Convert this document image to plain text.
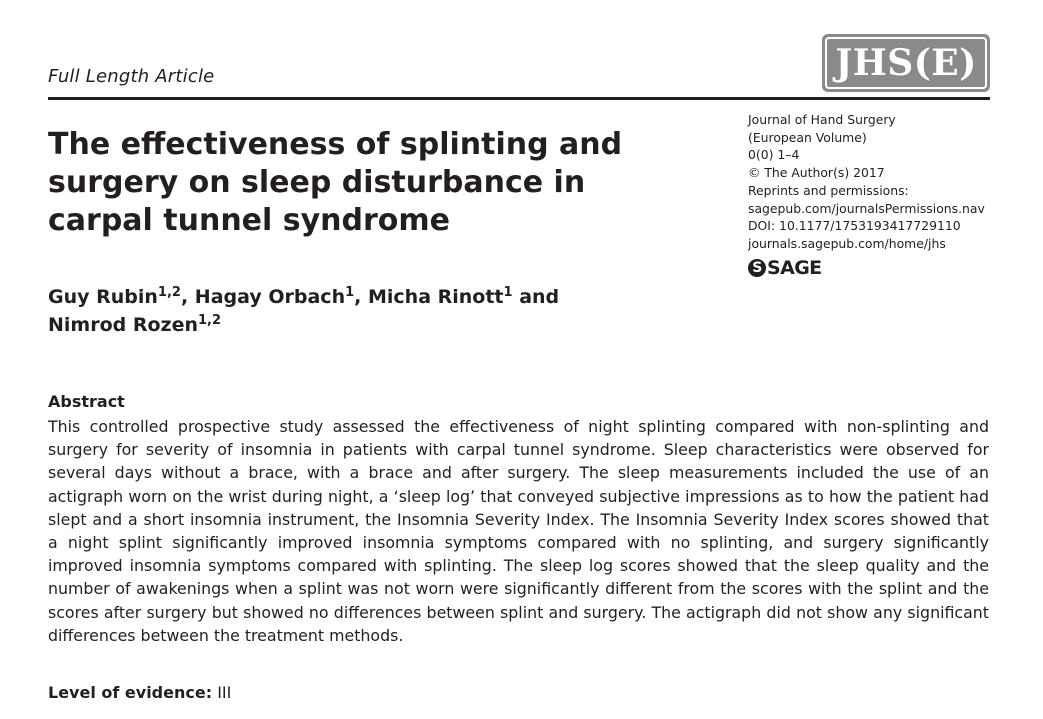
Full Length Article	JHS(E)
The effectiveness of splinting and surgery on sleep disturbance in carpal tunnel syndrome
Journal of Hand Surgery
(European Volume)
0(0) 1–4
© The Author(s) 2017
Reprints and permissions:
sagepub.com/journalsPermissions.nav
DOI: 10.1177/1753193417729110
journals.sagepub.com/home/jhs
S
SAGE
Guy Rubin$^{1,2}$, Hagay Orbach$^1$, Micha Rinott$^1$ and
Nimrod Rozen$^{1,2}$
Abstract

This controlled prospective study assessed the effectiveness of night splinting compared with non-splinting and surgery for severity of insomnia in patients with carpal tunnel syndrome. Sleep characteristics were observed for several days without a brace, with a brace and after surgery. The sleep measurements included the use of an actigraph worn on the wrist during night, a ‘sleep log’ that conveyed subjective impressions as to how the patient had slept and a short insomnia instrument, the Insomnia Severity Index. The Insomnia Severity Index scores showed that a night splint significantly improved insomnia symptoms compared with no splinting, and surgery significantly improved insomnia symptoms compared with splinting. The sleep log scores showed that the sleep quality and the number of awakenings when a splint was not worn were significantly different from the scores with the splint and the scores after surgery but showed no differences between splint and surgery. The actigraph did not show any significant differences between the treatment methods.

Level of evidence: III
